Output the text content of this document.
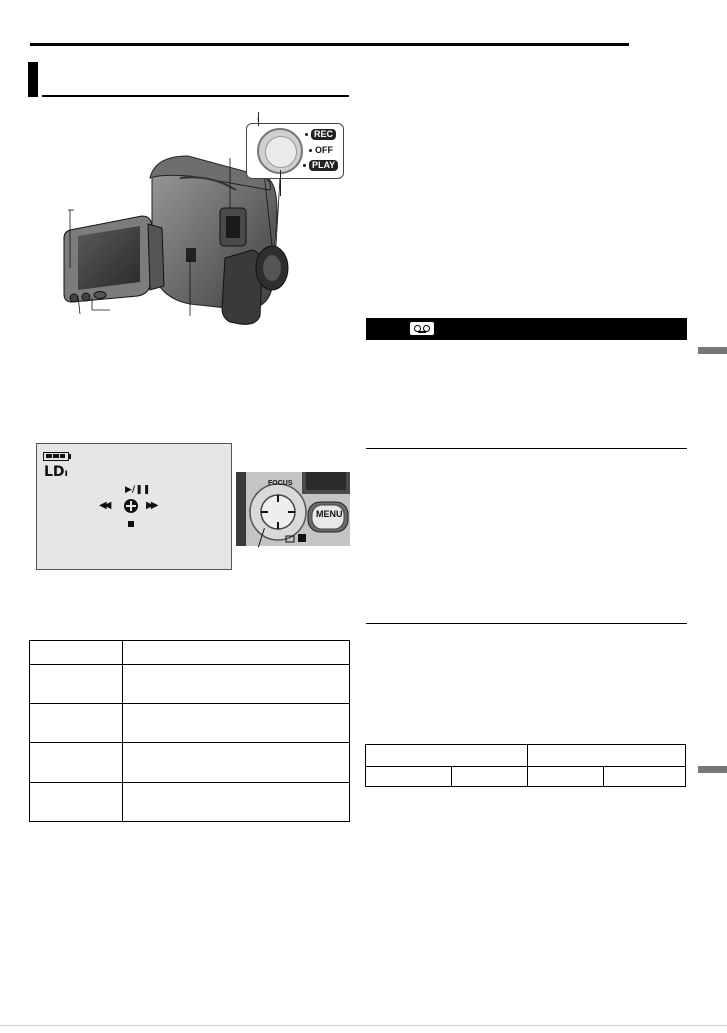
REC
OFF
PLAY
LDı
▶/❚❚
◀◀	▶▶
FOCUS
MENU
